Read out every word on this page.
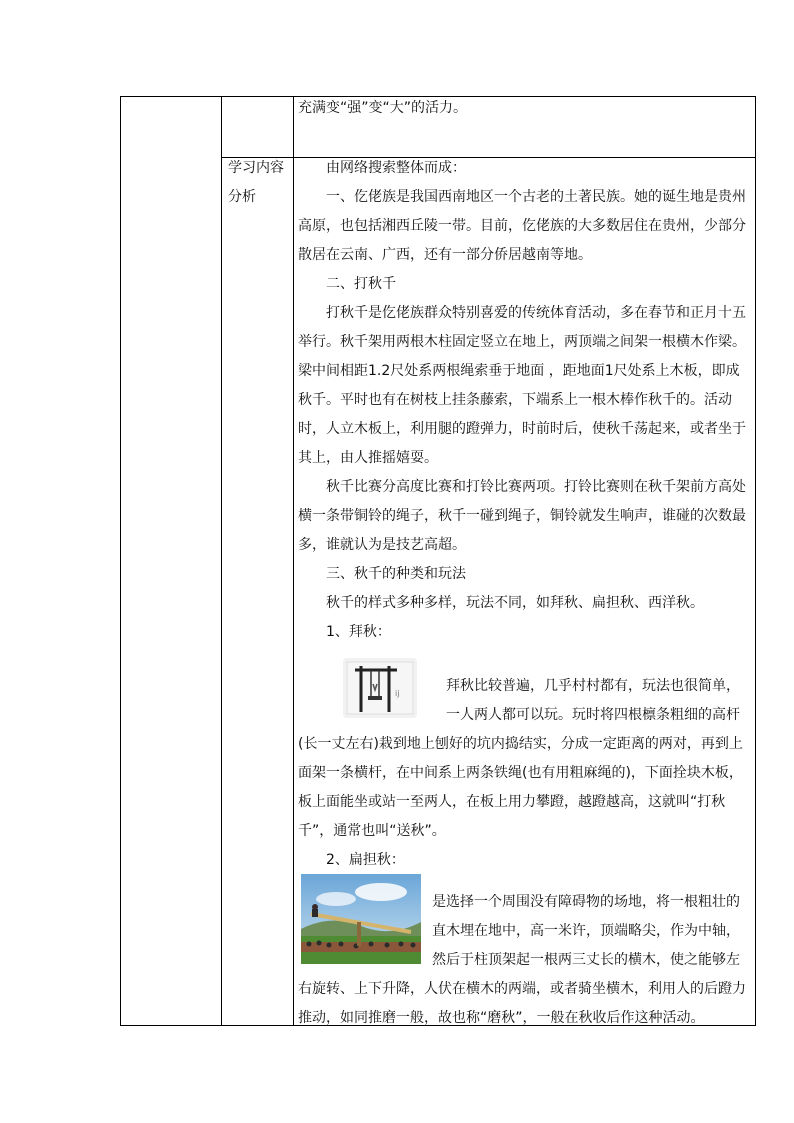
充满变“强”变“大”的活力。

学习内容
分析

由网络搜索整体而成：

一、仡佬族是我国西南地区一个古老的土著民族。她的诞生地是贵州高原，也包括湘西丘陵一带。目前，仡佬族的大多数居住在贵州，少部分散居在云南、广西，还有一部分侨居越南等地。

二、打秋千

打秋千是仡佬族群众特别喜爱的传统体育活动，多在春节和正月十五举行。秋千架用两根木柱固定竖立在地上，两顶端之间架一根横木作梁。梁中间相距1.2尺处系两根绳索垂于地面 ，距地面1尺处系上木板，即成秋千。平时也有在树枝上挂条藤索，下端系上一根木棒作秋千的。活动时，人立木板上，利用腿的蹬弹力，时前时后，使秋千荡起来，或者坐于其上，由人推摇嬉耍。

秋千比赛分高度比赛和打铃比赛两项。打铃比赛则在秋千架前方高处横一条带铜铃的绳子，秋千一碰到绳子，铜铃就发生响声，谁碰的次数最多，谁就认为是技艺高超。

三、秋千的种类和玩法

秋千的样式多种多样，玩法不同，如拜秋、扁担秋、西洋秋。

1、拜秋：

ij	拜秋比较普遍，几乎村村都有，玩法也很简单，
一人两人都可以玩。玩时将四根檩条粗细的高杆

(长一丈左右)栽到地上刨好的坑内捣结实，分成一定距离的两对，再到上面架一条横杆，在中间系上两条铁绳(也有用粗麻绳的)，下面拴块木板，板上面能坐或站一至两人，在板上用力攀蹬，越蹬越高，这就叫“打秋千”，通常也叫“送秋”。

2、扁担秋：

是选择一个周围没有障碍物的场地，将一根粗壮的
直木埋在地中，高一米许，顶端略尖，作为中轴，
然后于柱顶架起一根两三丈长的横木，使之能够左

右旋转、上下升降，人伏在横木的两端，或者骑坐横木，利用人的后蹬力推动，如同推磨一般，故也称“磨秋”，一般在秋收后作这种活动。
